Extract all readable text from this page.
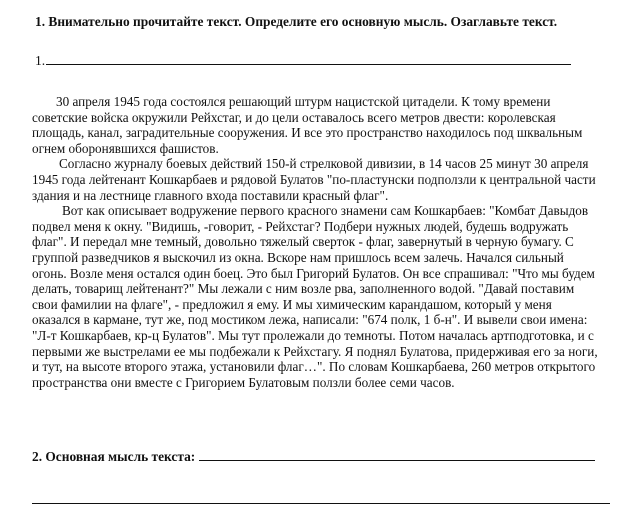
1. Внимательно прочитайте текст. Определите его основную мысль. Озаглавьте текст.
1.

30 апреля 1945 года состоялся решающий штурм нацистской цитадели. К тому времени советские войска окружили Рейхстаг, и до цели оставалось всего метров двести: королевская площадь, канал, заградительные сооружения. И все это пространство находилось под шквальным огнем оборонявшихся фашистов.

Согласно журналу боевых действий 150-й стрелковой дивизии, в 14 часов 25 минут 30 апреля 1945 года лейтенант Кошкарбаев и рядовой Булатов "по-пластунски подползли к центральной части здания и на лестнице главного входа поставили красный флаг".

Вот как описывает водружение первого красного знамени сам Кошкарбаев: "Комбат Давыдов подвел меня к окну. "Видишь, -говорит, - Рейхстаг? Подбери нужных людей, будешь водружать флаг". И передал мне темный, довольно тяжелый сверток - флаг, завернутый в черную бумагу. С группой разведчиков я выскочил из окна. Вскоре нам пришлось всем залечь. Начался сильный огонь. Возле меня остался один боец. Это был Григорий Булатов. Он все спрашивал: "Что мы будем делать, товарищ лейтенант?" Мы лежали с ним возле рва, заполненного водой. "Давай поставим свои фамилии на флаге", - предложил я ему. И мы химическим карандашом, который у меня оказался в кармане, тут же, под мостиком лежа, написали: "674 полк, 1 б-н". И вывели свои имена: "Л-т Кошкарбаев, кр-ц Булатов". Мы тут пролежали до темноты. Потом началась артподготовка, и с первыми же выстрелами ее мы подбежали к Рейхстагу. Я поднял Булатова, придерживая его за ноги, и тут, на высоте второго этажа, установили флаг…". По словам Кошкарбаева, 260 метров открытого пространства они вместе с Григорием Булатовым ползли более семи часов.

2. Основная мысль текста:
